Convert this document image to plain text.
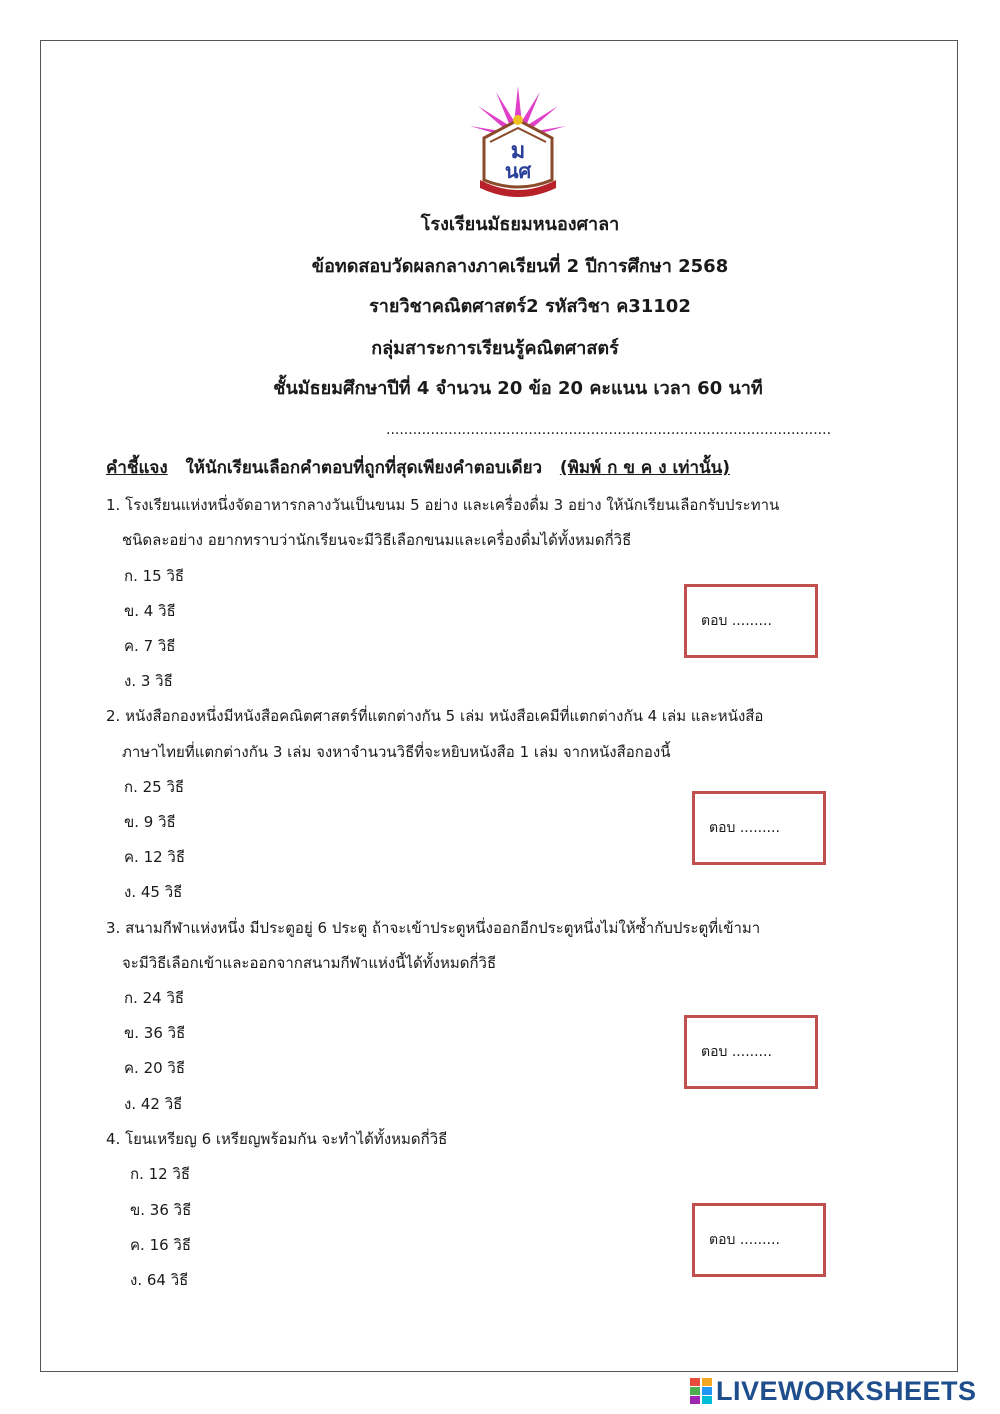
ม
นศ
โรงเรียนมัธยมหนองศาลา
ข้อทดสอบวัดผลกลางภาคเรียนที่ 2 ปีการศึกษา 2568
รายวิชาคณิตศาสตร์2 รหัสวิชา ค31102
กลุ่มสาระการเรียนรู้คณิตศาสตร์
ชั้นมัธยมศึกษาปีที่ 4 จำนวน 20 ข้อ 20 คะแนน เวลา 60 นาที
....................................................................................................
คำชี้แจง ให้นักเรียนเลือกคำตอบที่ถูกที่สุดเพียงคำตอบเดียว (พิมพ์ ก ข ค ง เท่านั้น)
1. โรงเรียนแห่งหนึ่งจัดอาหารกลางวันเป็นขนม 5 อย่าง และเครื่องดื่ม 3 อย่าง ให้นักเรียนเลือกรับประทาน
ชนิดละอย่าง อยากทราบว่านักเรียนจะมีวิธีเลือกขนมและเครื่องดื่มได้ทั้งหมดกี่วิธี
ก. 15 วิธี
ข. 4 วิธี
ค. 7 วิธี
ง. 3 วิธี
ตอบ .........
2. หนังสือกองหนึ่งมีหนังสือคณิตศาสตร์ที่แตกต่างกัน 5 เล่ม หนังสือเคมีที่แตกต่างกัน 4 เล่ม และหนังสือ
ภาษาไทยที่แตกต่างกัน 3 เล่ม จงหาจำนวนวิธีที่จะหยิบหนังสือ 1 เล่ม จากหนังสือกองนี้
ก. 25 วิธี
ข. 9 วิธี
ค. 12 วิธี
ง. 45 วิธี
ตอบ .........
3. สนามกีฬาแห่งหนึ่ง มีประตูอยู่ 6 ประตู ถ้าจะเข้าประตูหนึ่งออกอีกประตูหนึ่งไม่ให้ซ้ำกับประตูที่เข้ามา
จะมีวิธีเลือกเข้าและออกจากสนามกีฬาแห่งนี้ได้ทั้งหมดกี่วิธี
ก. 24 วิธี
ข. 36 วิธี
ค. 20 วิธี
ง. 42 วิธี
ตอบ .........
4. โยนเหรียญ 6 เหรียญพร้อมกัน จะทำได้ทั้งหมดกี่วิธี
ก. 12 วิธี
ข. 36 วิธี
ค. 16 วิธี
ง. 64 วิธี
ตอบ .........
LIVEWORKSHEETS
